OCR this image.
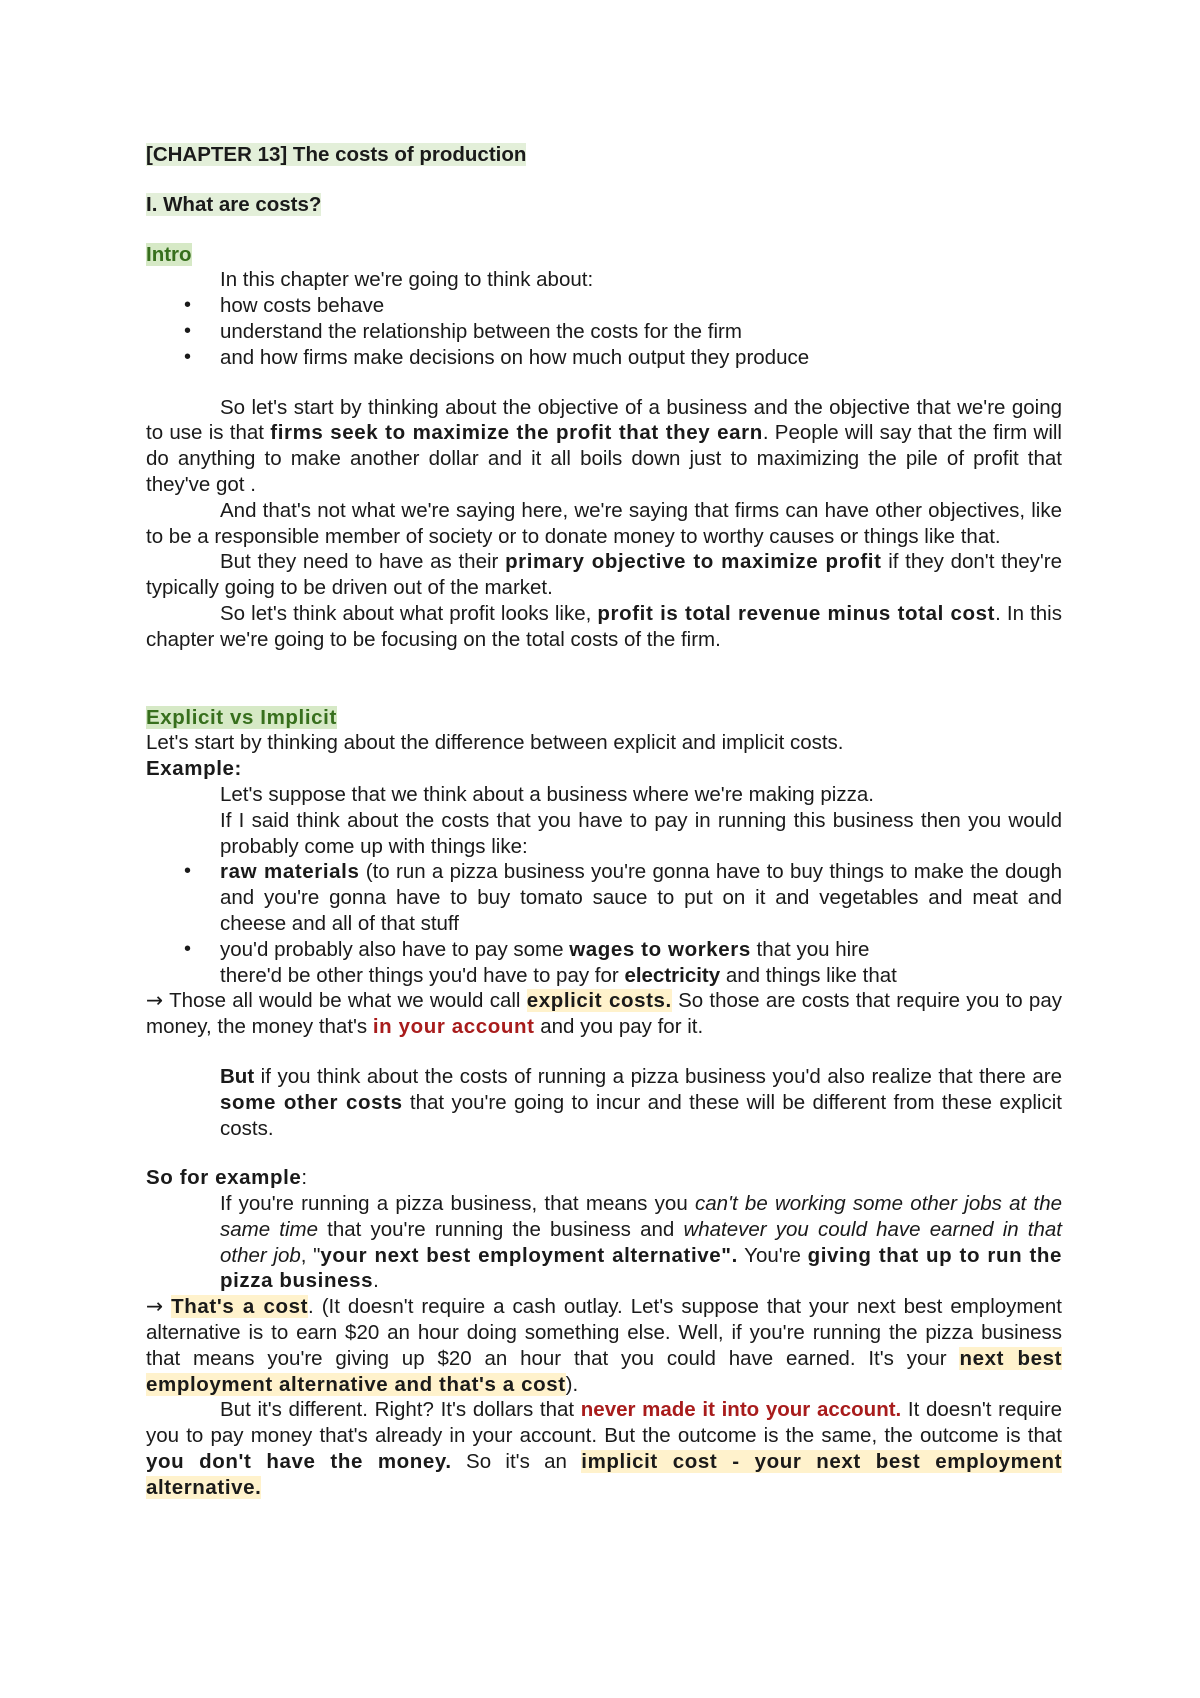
[CHAPTER 13] The costs of production

I. What are costs?

Intro

In this chapter we're going to think about:

• how costs behave
• understand the relationship between the costs for the firm
• and how firms make decisions on how much output they produce

So let's start by thinking about the objective of a business and the objective that we're going to use is that firms seek to maximize the profit that they earn. People will say that the firm will do anything to make another dollar and it all boils down just to maximizing the pile of profit that they've got .

And that's not what we're saying here, we're saying that firms can have other objectives, like to be a responsible member of society or to donate money to worthy causes or things like that.

But they need to have as their primary objective to maximize profit if they don't they're typically going to be driven out of the market.

So let's think about what profit looks like, profit is total revenue minus total cost. In this chapter we're going to be focusing on the total costs of the firm.

Explicit vs Implicit

Let's start by thinking about the difference between explicit and implicit costs.

Example:

Let's suppose that we think about a business where we're making pizza.

If I said think about the costs that you have to pay in running this business then you would probably come up with things like:

• raw materials (to run a pizza business you're gonna have to buy things to make the dough and you're gonna have to buy tomato sauce to put on it and vegetables and meat and cheese and all of that stuff
• you'd probably also have to pay some wages to workers that you hire

there'd be other things you'd have to pay for electricity and things like that

→ Those all would be what we would call explicit costs. So those are costs that require you to pay money, the money that's in your account and you pay for it.

But if you think about the costs of running a pizza business you'd also realize that there are some other costs that you're going to incur and these will be different from these explicit costs.

So for example:

If you're running a pizza business, that means you can't be working some other jobs at the same time that you're running the business and whatever you could have earned in that other job, "your next best employment alternative". You're giving that up to run the pizza business.

→ That's a cost. (It doesn't require a cash outlay. Let's suppose that your next best employment alternative is to earn $20 an hour doing something else. Well, if you're running the pizza business that means you're giving up $20 an hour that you could have earned. It's your next best employment alternative and that's a cost).

But it's different. Right? It's dollars that never made it into your account. It doesn't require you to pay money that's already in your account. But the outcome is the same, the outcome is that you don't have the money. So it's an implicit cost - your next best employment alternative.
